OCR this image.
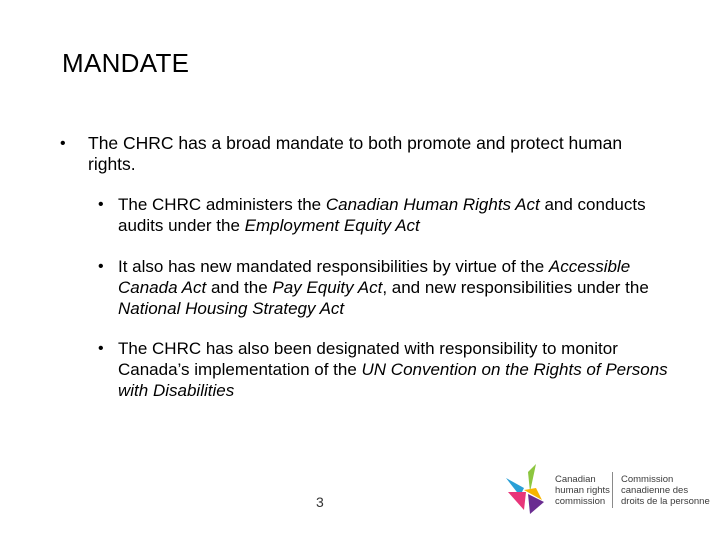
MANDATE
• The CHRC has a broad mandate to both promote and protect human rights.
• The CHRC administers the Canadian Human Rights Act and conducts audits under the Employment Equity Act
• It also has new mandated responsibilities by virtue of the Accessible Canada Act and the Pay Equity Act, and new responsibilities under the National Housing Strategy Act
• The CHRC has also been designated with responsibility to monitor Canada’s implementation of the UN Convention on the Rights of Persons with Disabilities
3
Canadian
human rights
commission
Commission
canadienne des
droits de la personne
